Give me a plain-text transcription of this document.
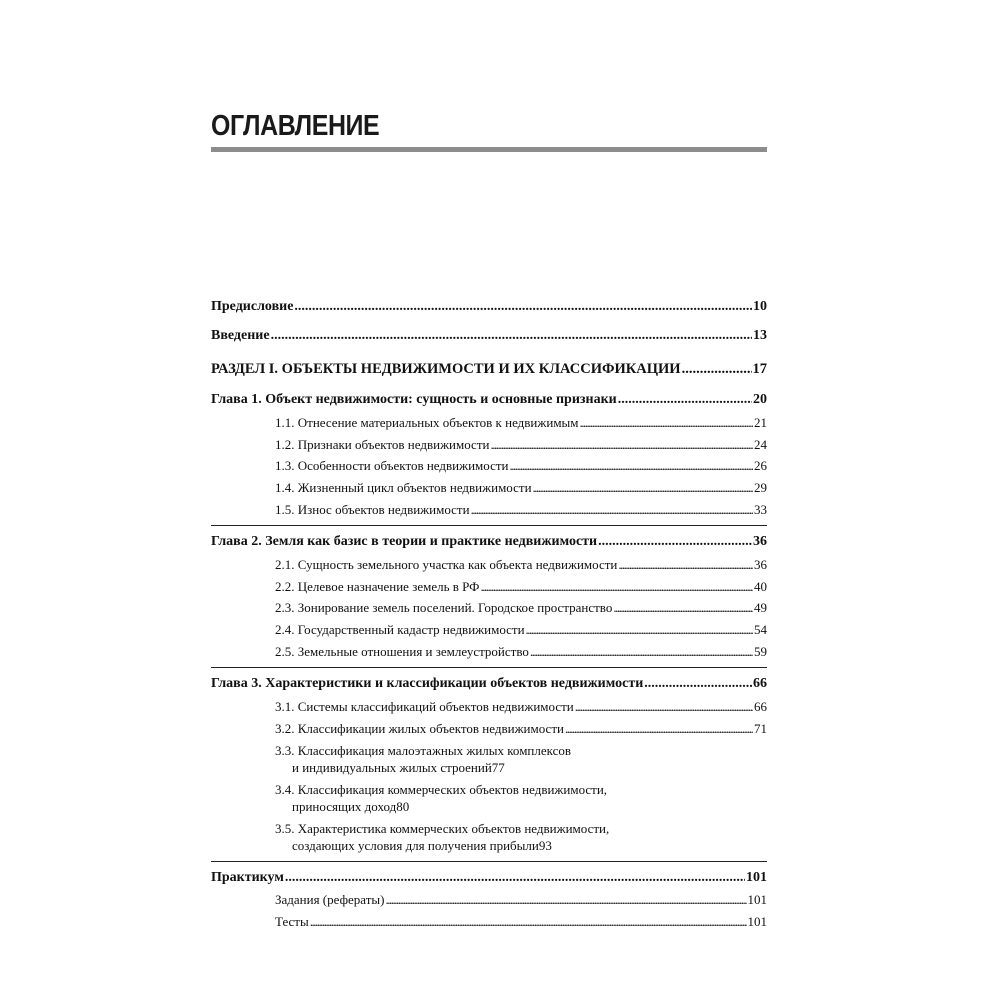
ОГЛАВЛЕНИЕ
Предисловие .....	10
Введение .....	13
РАЗДЕЛ I. ОБЪЕКТЫ НЕДВИЖИМОСТИ И ИХ КЛАССИФИКАЦИИ .....	17
Глава 1. Объект недвижимости: сущность и основные признаки .....	20
1.1. Отнесение материальных объектов к недвижимым .....	21
1.2. Признаки объектов недвижимости .....	24
1.3. Особенности объектов недвижимости .....	26
1.4. Жизненный цикл объектов недвижимости .....	29
1.5. Износ объектов недвижимости .....	33
Глава 2. Земля как базис в теории и практике недвижимости .....	36
2.1. Сущность земельного участка как объекта недвижимости .....	36
2.2. Целевое назначение земель в РФ .....	40
2.3. Зонирование земель поселений. Городское пространство .....	49
2.4. Государственный кадастр недвижимости .....	54
2.5. Земельные отношения и землеустройство .....	59
Глава 3. Характеристики и классификации объектов недвижимости .....	66
3.1. Системы классификаций объектов недвижимости .....	66
3.2. Классификации жилых объектов недвижимости .....	71
3.3. Классификация малоэтажных жилых комплексов
и индивидуальных жилых строений 77
3.4. Классификация коммерческих объектов недвижимости,
приносящих доход 80
3.5. Характеристика коммерческих объектов недвижимости,
создающих условия для получения прибыли 93
Практикум .....	101
Задания (рефераты) .....	101
Тесты .....	101
